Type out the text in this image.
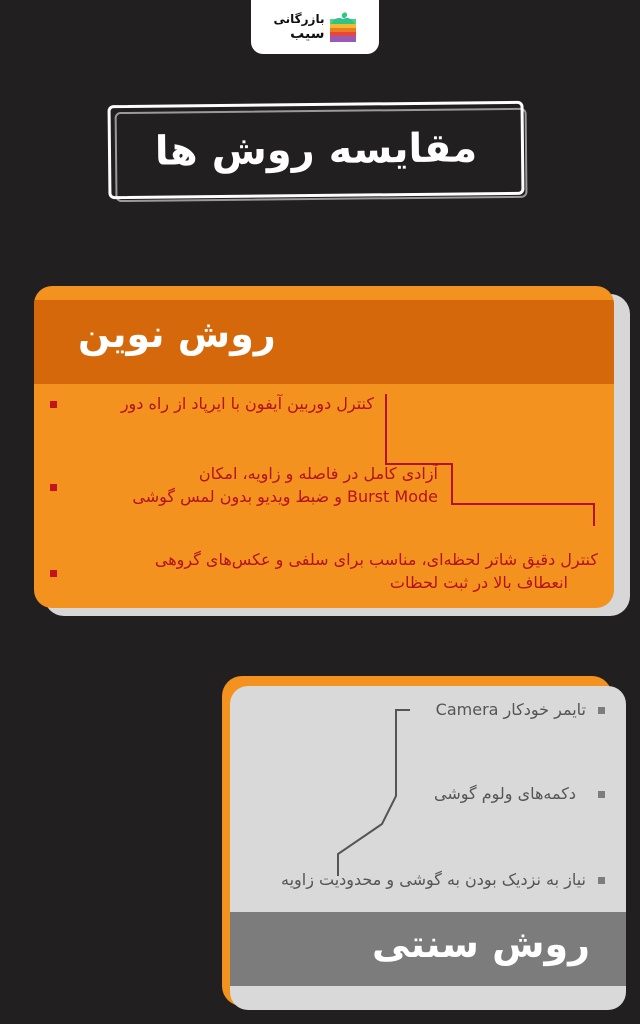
بازرگانی
سیب
مقایسه روش ها
روش نوین
کنترل دوربین آیفون با ایرپاد از راه دور
آزادی کامل در فاصله و زاویه، امکان
Burst Mode و ضبط ویدیو بدون لمس گوشی
کنترل دقیق شاتر لحظه‌ای، مناسب برای سلفی و عکس‌های گروهی
انعطاف بالا در ثبت لحظات
تایمر خودکار Camera
دکمه‌های ولوم گوشی
نیاز به نزدیک بودن به گوشی و محدودیت زاویه
روش سنتی
